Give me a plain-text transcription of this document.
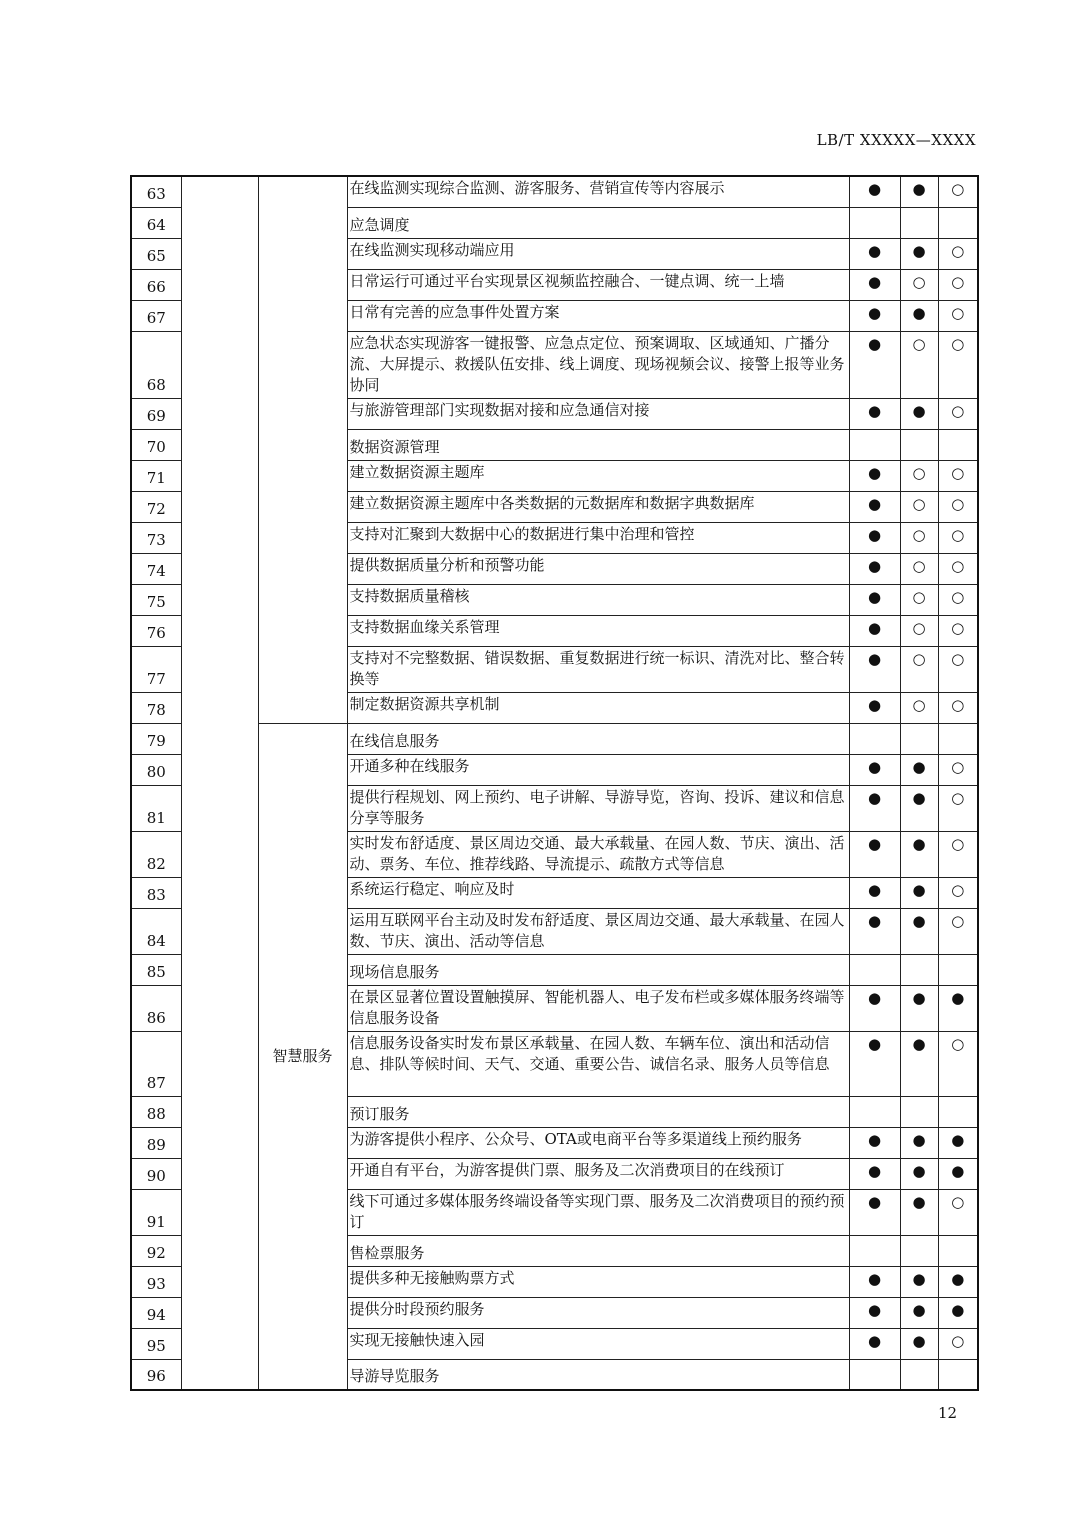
LB/T XXXXX—XXXX
63			在线监测实现综合监测、游客服务、营销宣传等内容展示	●	●	○
64			应急调度			
65			在线监测实现移动端应用	●	●	○
66			日常运行可通过平台实现景区视频监控融合、一键点调、统一上墙	●	○	○
67			日常有完善的应急事件处置方案	●	●	○
68			应急状态实现游客一键报警、应急点定位、预案调取、区域通知、广播分流、大屏提示、救援队伍安排、线上调度、现场视频会议、接警上报等业务协同	●	○	○
69			与旅游管理部门实现数据对接和应急通信对接	●	●	○
70			数据资源管理			
71			建立数据资源主题库	●	○	○
72			建立数据资源主题库中各类数据的元数据库和数据字典数据库	●	○	○
73			支持对汇聚到大数据中心的数据进行集中治理和管控	●	○	○
74			提供数据质量分析和预警功能	●	○	○
75			支持数据质量稽核	●	○	○
76			支持数据血缘关系管理	●	○	○
77			支持对不完整数据、错误数据、重复数据进行统一标识、清洗对比、整合转换等	●	○	○
78			制定数据资源共享机制	●	○	○
79		智慧服务	在线信息服务			
80			开通多种在线服务	●	●	○
81			提供行程规划、网上预约、电子讲解、导游导览，咨询、投诉、建议和信息分享等服务	●	●	○
82			实时发布舒适度、景区周边交通、最大承载量、在园人数、节庆、演出、活动、票务、车位、推荐线路、导流提示、疏散方式等信息	●	●	○
83			系统运行稳定、响应及时	●	●	○
84			运用互联网平台主动及时发布舒适度、景区周边交通、最大承载量、在园人数、节庆、演出、活动等信息	●	●	○
85			现场信息服务			
86			在景区显著位置设置触摸屏、智能机器人、电子发布栏或多媒体服务终端等信息服务设备	●	●	●
87			信息服务设备实时发布景区承载量、在园人数、车辆车位、演出和活动信息、排队等候时间、天气、交通、重要公告、诚信名录、服务人员等信息	●	●	○
88			预订服务			
89			为游客提供小程序、公众号、OTA或电商平台等多渠道线上预约服务	●	●	●
90			开通自有平台，为游客提供门票、服务及二次消费项目的在线预订	●	●	●
91			线下可通过多媒体服务终端设备等实现门票、服务及二次消费项目的预约预订	●	●	○
92			售检票服务			
93			提供多种无接触购票方式	●	●	●
94			提供分时段预约服务	●	●	●
95			实现无接触快速入园	●	●	○
96			导游导览服务			
12
